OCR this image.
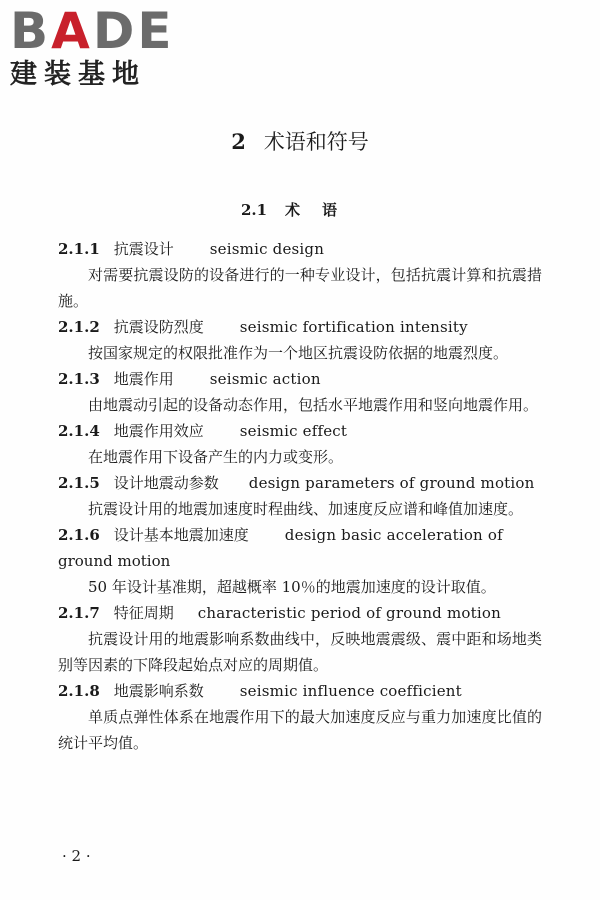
BADE
建装基地
2 术语和符号
2.1 术语
2.1.1 抗震设计 seismic design
对需要抗震设防的设备进行的一种专业设计，包括抗震计算和抗震措施。
2.1.2 抗震设防烈度 seismic fortification intensity
按国家规定的权限批准作为一个地区抗震设防依据的地震烈度。
2.1.3 地震作用 seismic action
由地震动引起的设备动态作用，包括水平地震作用和竖向地震作用。
2.1.4 地震作用效应 seismic effect
在地震作用下设备产生的内力或变形。
2.1.5 设计地震动参数 design parameters of ground motion
抗震设计用的地震加速度时程曲线、加速度反应谱和峰值加速度。
2.1.6 设计基本地震加速度 design basic acceleration of
ground motion
50 年设计基准期，超越概率 10％的地震加速度的设计取值。
2.1.7 特征周期 characteristic period of ground motion
抗震设计用的地震影响系数曲线中，反映地震震级、震中距和场地类别等因素的下降段起始点对应的周期值。
2.1.8 地震影响系数 seismic influence coefficient
单质点弹性体系在地震作用下的最大加速度反应与重力加速度比值的统计平均值。
· 2 ·
